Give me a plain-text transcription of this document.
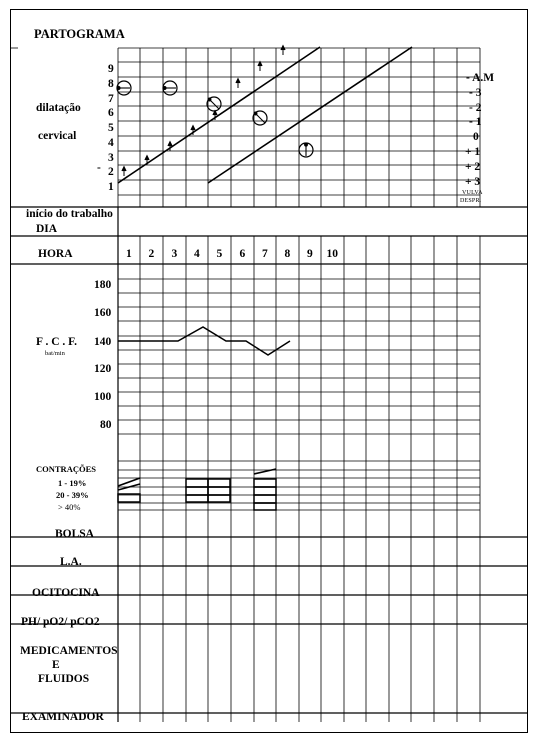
PARTOGRAMA
dilatação
cervical
-
9
8
7
6
5
4
3
2
1
- A.M
- 3
- 2
- 1
0
+ 1
+ 2
+ 3
VULVA
DESPR.
início do trabalho
DIA
HORA	1 2 3 4 5 6 7 8 9 10
F . C . F.
bat/min
180
160
140
120
100
80
CONTRAÇÕES
1 - 19%
20 - 39%
> 40%
BOLSA
L.A.
OCITOCINA
PH/ pO2/ pCO2
MEDICAMENTOS
E
FLUIDOS
EXAMINADOR
